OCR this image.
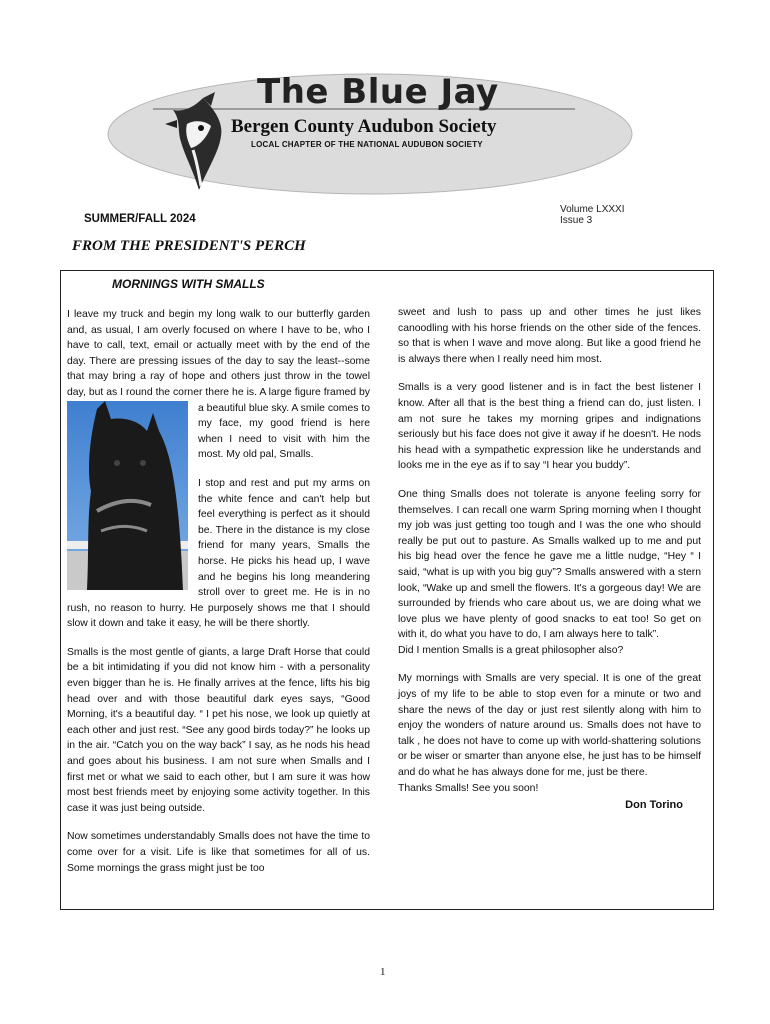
The Blue Jay
Bergen County Audubon Society
LOCAL CHAPTER OF THE NATIONAL AUDUBON SOCIETY
Volume LXXXI
Issue 3
SUMMER/FALL 2024
FROM THE PRESIDENT'S PERCH
MORNINGS WITH SMALLS

I leave my truck and begin my long walk to our butterfly garden and, as usual, I am overly focused on where I have to be, who I have to call, text, email or actually meet with by the end of the day. There are pressing issues of the day to say the least--some that may bring a ray of hope and others just throw in the towel day, but as I round the corner there he is. A large figure framed by a beautiful blue sky. A smile comes to my face, my good friend is here when I need to visit with him the most. My old pal, Smalls.

I stop and rest and put my arms on the white fence and can't help but feel everything is perfect as it should be. There in the distance is my close friend for many years, Smalls the horse. He picks his head up, I wave and he begins his long meandering stroll over to greet me. He is in no rush, no reason to hurry. He purposely shows me that I should slow it down and take it easy, he will be there shortly.

Smalls is the most gentle of giants, a large Draft Horse that could be a bit intimidating if you did not know him - with a personality even bigger than he is. He finally arrives at the fence, lifts his big head over and with those beautiful dark eyes says, “Good Morning, it's a beautiful day. “ I pet his nose, we look up quietly at each other and just rest. “See any good birds today?” he looks up in the air. “Catch you on the way back” I say, as he nods his head and goes about his business. I am not sure when Smalls and I first met or what we said to each other, but I am sure it was how most best friends meet by enjoying some activity together. In this case it was just being outside.

Now sometimes understandably Smalls does not have the time to come over for a visit. Life is like that sometimes for all of us. Some mornings the grass might just be too

sweet and lush to pass up and other times he just likes canoodling with his horse friends on the other side of the fences. so that is when I wave and move along. But like a good friend he is always there when I really need him most.

Smalls is a very good listener and is in fact the best listener I know. After all that is the best thing a friend can do, just listen. I am not sure he takes my morning gripes and indignations seriously but his face does not give it away if he doesn't. He nods his head with a sympathetic expression like he understands and looks me in the eye as if to say “I hear you buddy”.

One thing Smalls does not tolerate is anyone feeling sorry for themselves. I can recall one warm Spring morning when I thought my job was just getting too tough and I was the one who should really be put out to pasture. As Smalls walked up to me and put his big head over the fence he gave me a little nudge, “Hey “ I said, “what is up with you big guy”? Smalls answered with a stern look, “Wake up and smell the flowers. It's a gorgeous day! We are surrounded by friends who care about us, we are doing what we love plus we have plenty of good snacks to eat too! So get on with it, do what you have to do, I am always here to talk”.

Did I mention Smalls is a great philosopher also?

My mornings with Smalls are very special. It is one of the great joys of my life to be able to stop even for a minute or two and share the news of the day or just rest silently along with him to enjoy the wonders of nature around us. Smalls does not have to talk , he does not have to come up with world-shattering solutions or be wiser or smarter than anyone else, he just has to be himself and do what he has always done for me, just be there.

Thanks Smalls! See you soon!

Don Torino
1
